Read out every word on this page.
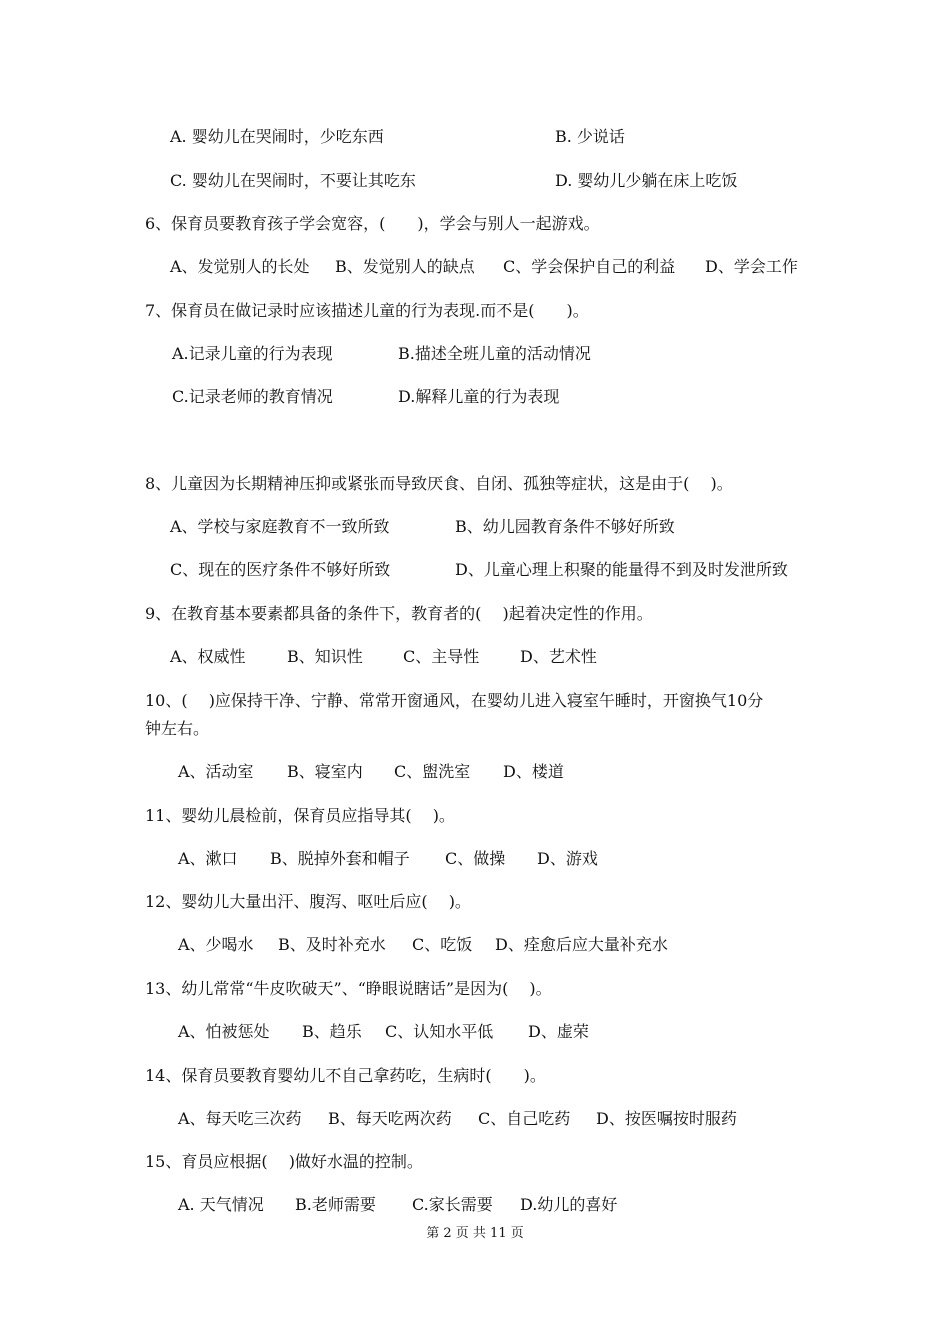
A. 婴幼儿在哭闹时，少吃东西	B. 少说话
C. 婴幼儿在哭闹时，不要让其吃东	D. 婴幼儿少躺在床上吃饭
6、保育员要教育孩子学会宽容，(　　)，学会与别人一起游戏。
A、发觉别人的长处 B、发觉别人的缺点 C、学会保护自己的利益 D、学会工作
7、保育员在做记录时应该描述儿童的行为表现.而不是(　　)。
A.记录儿童的行为表现	B.描述全班儿童的活动情况
C.记录老师的教育情况	D.解释儿童的行为表现
8、儿童因为长期精神压抑或紧张而导致厌食、自闭、孤独等症状，这是由于(　 )。
A、学校与家庭教育不一致所致	B、幼儿园教育条件不够好所致
C、现在的医疗条件不够好所致	D、儿童心理上积聚的能量得不到及时发泄所致
9、在教育基本要素都具备的条件下，教育者的(　 )起着决定性的作用。
A、权威性	B、知识性	C、主导性	D、艺术性
10、(　 )应保持干净、宁静、常常开窗通风，在婴幼儿进入寝室午睡时，开窗换气10分
钟左右。
A、活动室 B、寝室内 C、盥洗室 D、楼道
11、婴幼儿晨检前，保育员应指导其(　 )。
A、漱口 B、脱掉外套和帽子 C、做操 D、游戏
12、婴幼儿大量出汗、腹泻、呕吐后应(　 )。
A、少喝水 B、及时补充水 C、吃饭 D、痊愈后应大量补充水
13、幼儿常常“牛皮吹破天”、“睁眼说瞎话”是因为(　 )。
A、怕被惩处 B、趋乐 C、认知水平低 D、虚荣
14、保育员要教育婴幼儿不自己拿药吃，生病时(　　)。
A、每天吃三次药 B、每天吃两次药 C、自己吃药 D、按医嘱按时服药
15、育员应根据(　 )做好水温的控制。
A. 天气情况 B.老师需要 C.家长需要 D.幼儿的喜好
第 2 页 共 11 页
